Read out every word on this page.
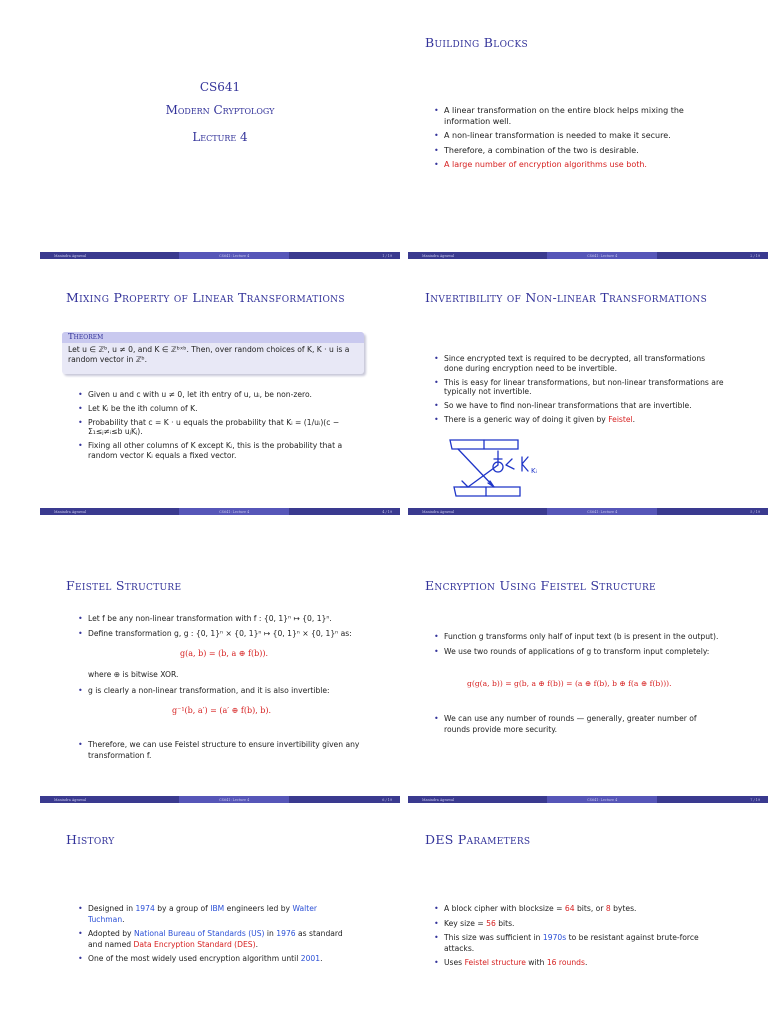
CS641
Modern Cryptology
Lecture 4
Manindra Agrawal	CS641: Lecture 4	1 / 19
Building Blocks
• A linear transformation on the entire block helps mixing the information well.
• A non-linear transformation is needed to make it secure.
• Therefore, a combination of the two is desirable.
• A large number of encryption algorithms use both.
Manindra Agrawal	CS641: Lecture 4	2 / 19
Mixing Property of Linear Transformations
Theorem
Let u ∈ ℤᵇ, u ≠ 0, and K ∈ ℤᵇˣᵇ. Then, over random choices of K, K · u is a random vector in ℤᵇ.
• Given u and c with u ≠ 0, let ith entry of u, uᵢ, be non-zero.
• Let Kᵢ be the ith column of K.
• Probability that c = K · u equals the probability that Kᵢ = (1/uᵢ)(c − Σ₁≤ⱼ≠ᵢ≤b uⱼKⱼ).
• Fixing all other columns of K except Kᵢ, this is the probability that a random vector Kᵢ equals a fixed vector.
Manindra Agrawal	CS641: Lecture 4	4 / 19
Invertibility of Non-linear Transformations
• Since encrypted text is required to be decrypted, all transformations done during encryption need to be invertible.
• This is easy for linear transformations, but non-linear transformations are typically not invertible.
• So we have to find non-linear transformations that are invertible.
• There is a generic way of doing it given by Feistel.
Kᵢ
Manindra Agrawal	CS641: Lecture 4	5 / 19
Feistel Structure
• Let f be any non-linear transformation with f : {0, 1}ⁿ ↦ {0, 1}ⁿ.
• Define transformation g, g : {0, 1}ⁿ × {0, 1}ⁿ ↦ {0, 1}ⁿ × {0, 1}ⁿ as:
g(a, b) = (b, a ⊕ f(b)).
where ⊕ is bitwise XOR.
• g is clearly a non-linear transformation, and it is also invertible:
g⁻¹(b, a′) = (a′ ⊕ f(b), b).
• Therefore, we can use Feistel structure to ensure invertibility given any transformation f.
Manindra Agrawal	CS641: Lecture 4	6 / 19
Encryption Using Feistel Structure
• Function g transforms only half of input text (b is present in the output).
• We use two rounds of applications of g to transform input completely:
g(g(a, b)) = g(b, a ⊕ f(b)) = (a ⊕ f(b), b ⊕ f(a ⊕ f(b))).
• We can use any number of rounds — generally, greater number of rounds provide more security.
Manindra Agrawal	CS641: Lecture 4	7 / 19
History
• Designed in 1974 by a group of IBM engineers led by Walter Tuchman.
• Adopted by National Bureau of Standards (US) in 1976 as standard and named Data Encryption Standard (DES).
• One of the most widely used encryption algorithm until 2001.
DES Parameters
• A block cipher with blocksize = 64 bits, or 8 bytes.
• Key size = 56 bits.
• This size was sufficient in 1970s to be resistant against brute-force attacks.
• Uses Feistel structure with 16 rounds.
